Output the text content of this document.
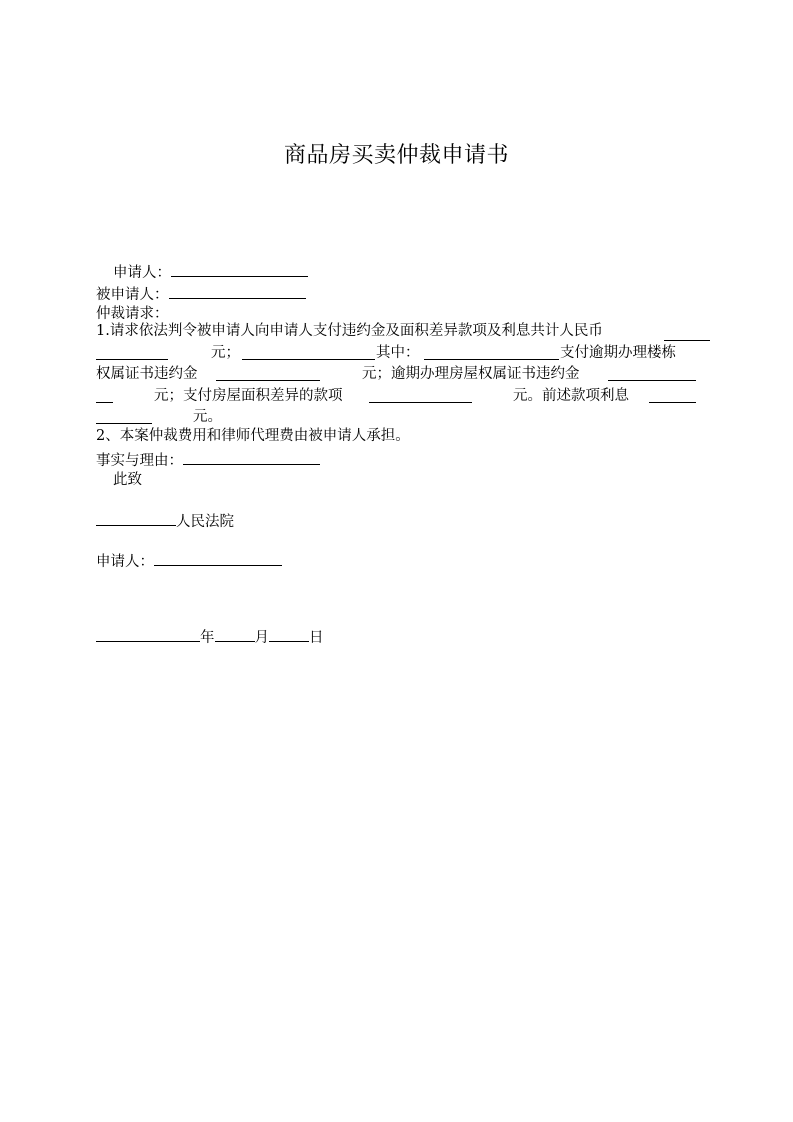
商品房买卖仲裁申请书
申请人：
被申请人：
仲裁请求：
1.请求依法判令被申请人向申请人支付违约金及面积差异款项及利息共计人民币
元；	其中：	支付逾期办理楼栋
权属证书违约金	元；逾期办理房屋权属证书违约金
元；支付房屋面积差异的款项	元。前述款项利息
元。
2、本案仲裁费用和律师代理费由被申请人承担。
事实与理由：
此致
人民法院
申请人：
年	月	日
